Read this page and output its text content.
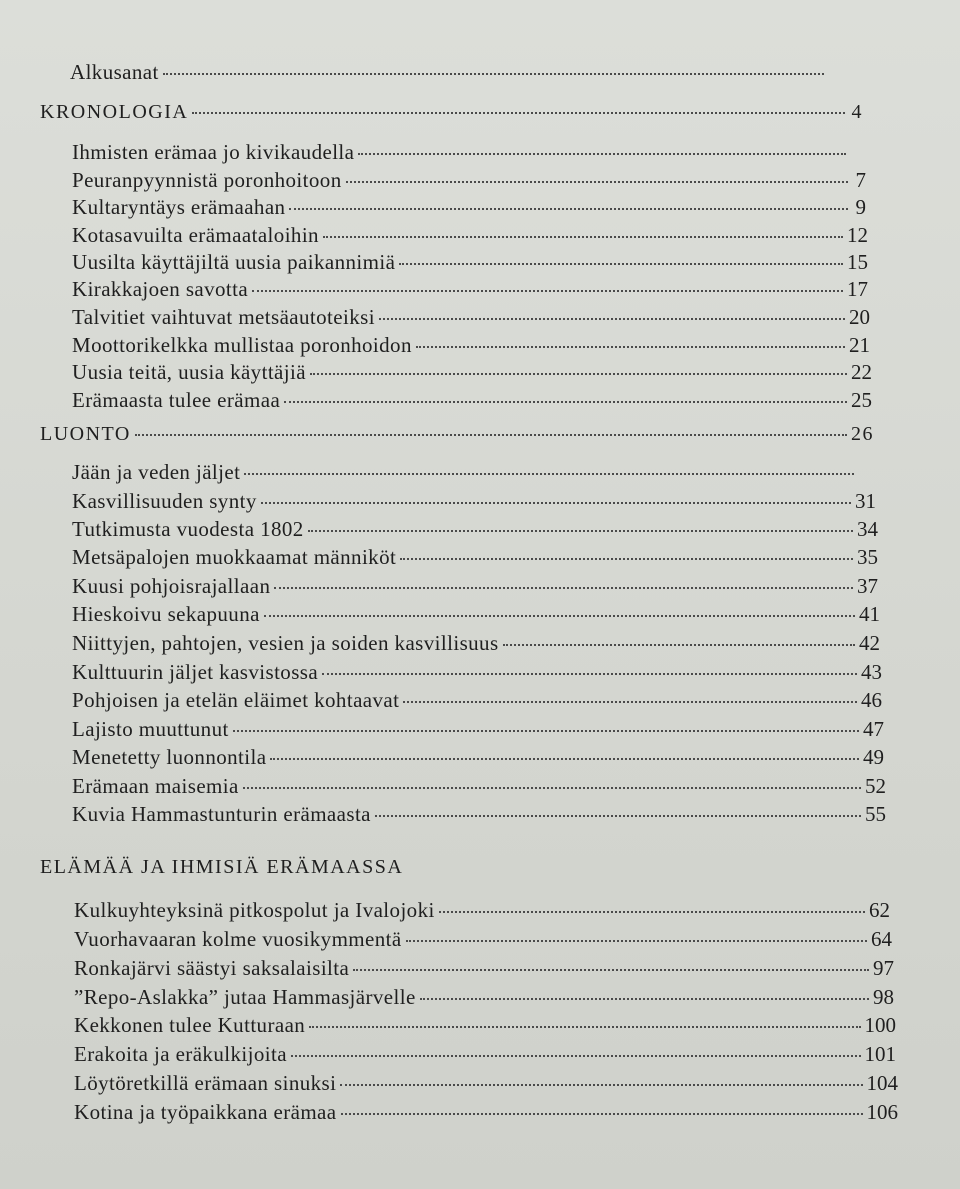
Alkusanat
KRONOLOGIA	4
Ihmisten erämaa jo kivikaudella
Peuranpyynnistä poronhoitoon	7
Kultaryntäys erämaahan	9
Kotasavuilta erämaataloihin	12
Uusilta käyttäjiltä uusia paikannimiä	15
Kirakkajoen savotta	17
Talvitiet vaihtuvat metsäautoteiksi	20
Moottorikelkka mullistaa poronhoidon	21
Uusia teitä, uusia käyttäjiä	22
Erämaasta tulee erämaa	25
LUONTO	26
Jään ja veden jäljet
Kasvillisuuden synty	31
Tutkimusta vuodesta 1802	34
Metsäpalojen muokkaamat männiköt	35
Kuusi pohjoisrajallaan	37
Hieskoivu sekapuuna	41
Niittyjen, pahtojen, vesien ja soiden kasvillisuus	42
Kulttuurin jäljet kasvistossa	43
Pohjoisen ja etelän eläimet kohtaavat	46
Lajisto muuttunut	47
Menetetty luonnontila	49
Erämaan maisemia	52
Kuvia Hammastunturin erämaasta	55
ELÄMÄÄ JA IHMISIÄ ERÄMAASSA
Kulkuyhteyksinä pitkospolut ja Ivalojoki	62
Vuorhavaaran kolme vuosikymmentä	64
Ronkajärvi säästyi saksalaisilta	97
”Repo-Aslakka” jutaa Hammasjärvelle	98
Kekkonen tulee Kutturaan	100
Erakoita ja eräkulkijoita	101
Löytöretkillä erämaan sinuksi	104
Kotina ja työpaikkana erämaa	106
